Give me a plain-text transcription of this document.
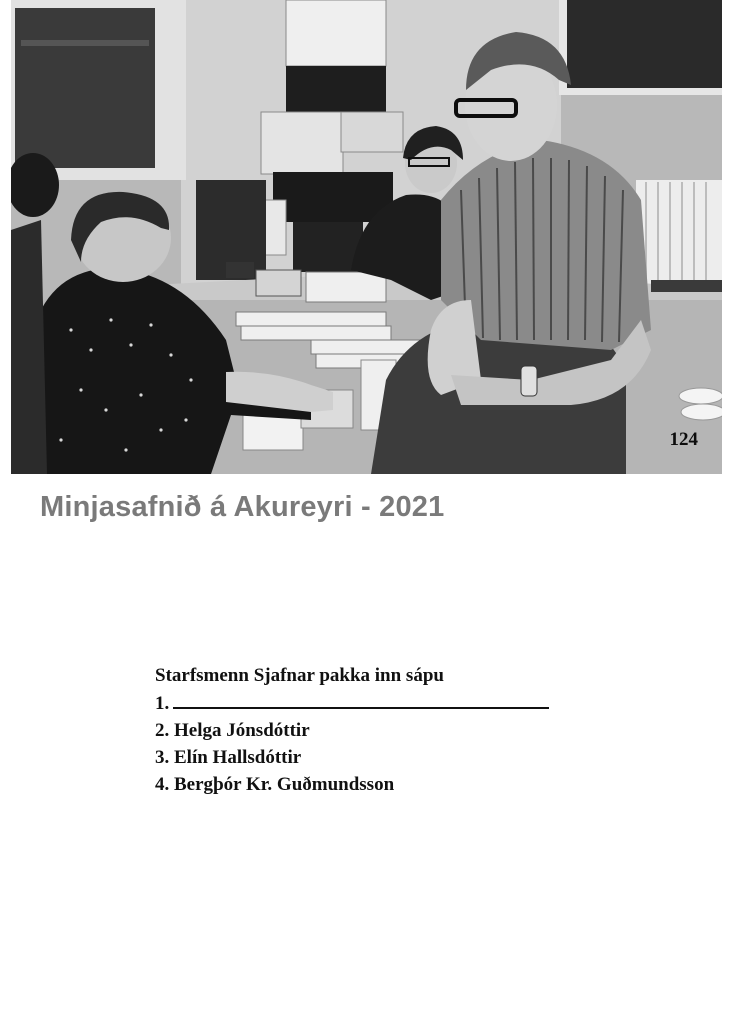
124
Minjasafnið á Akureyri - 2021
Starfsmenn Sjafnar pakka inn sápu
1.
2. Helga Jónsdóttir
3. Elín Hallsdóttir
4. Bergþór Kr. Guðmundsson
